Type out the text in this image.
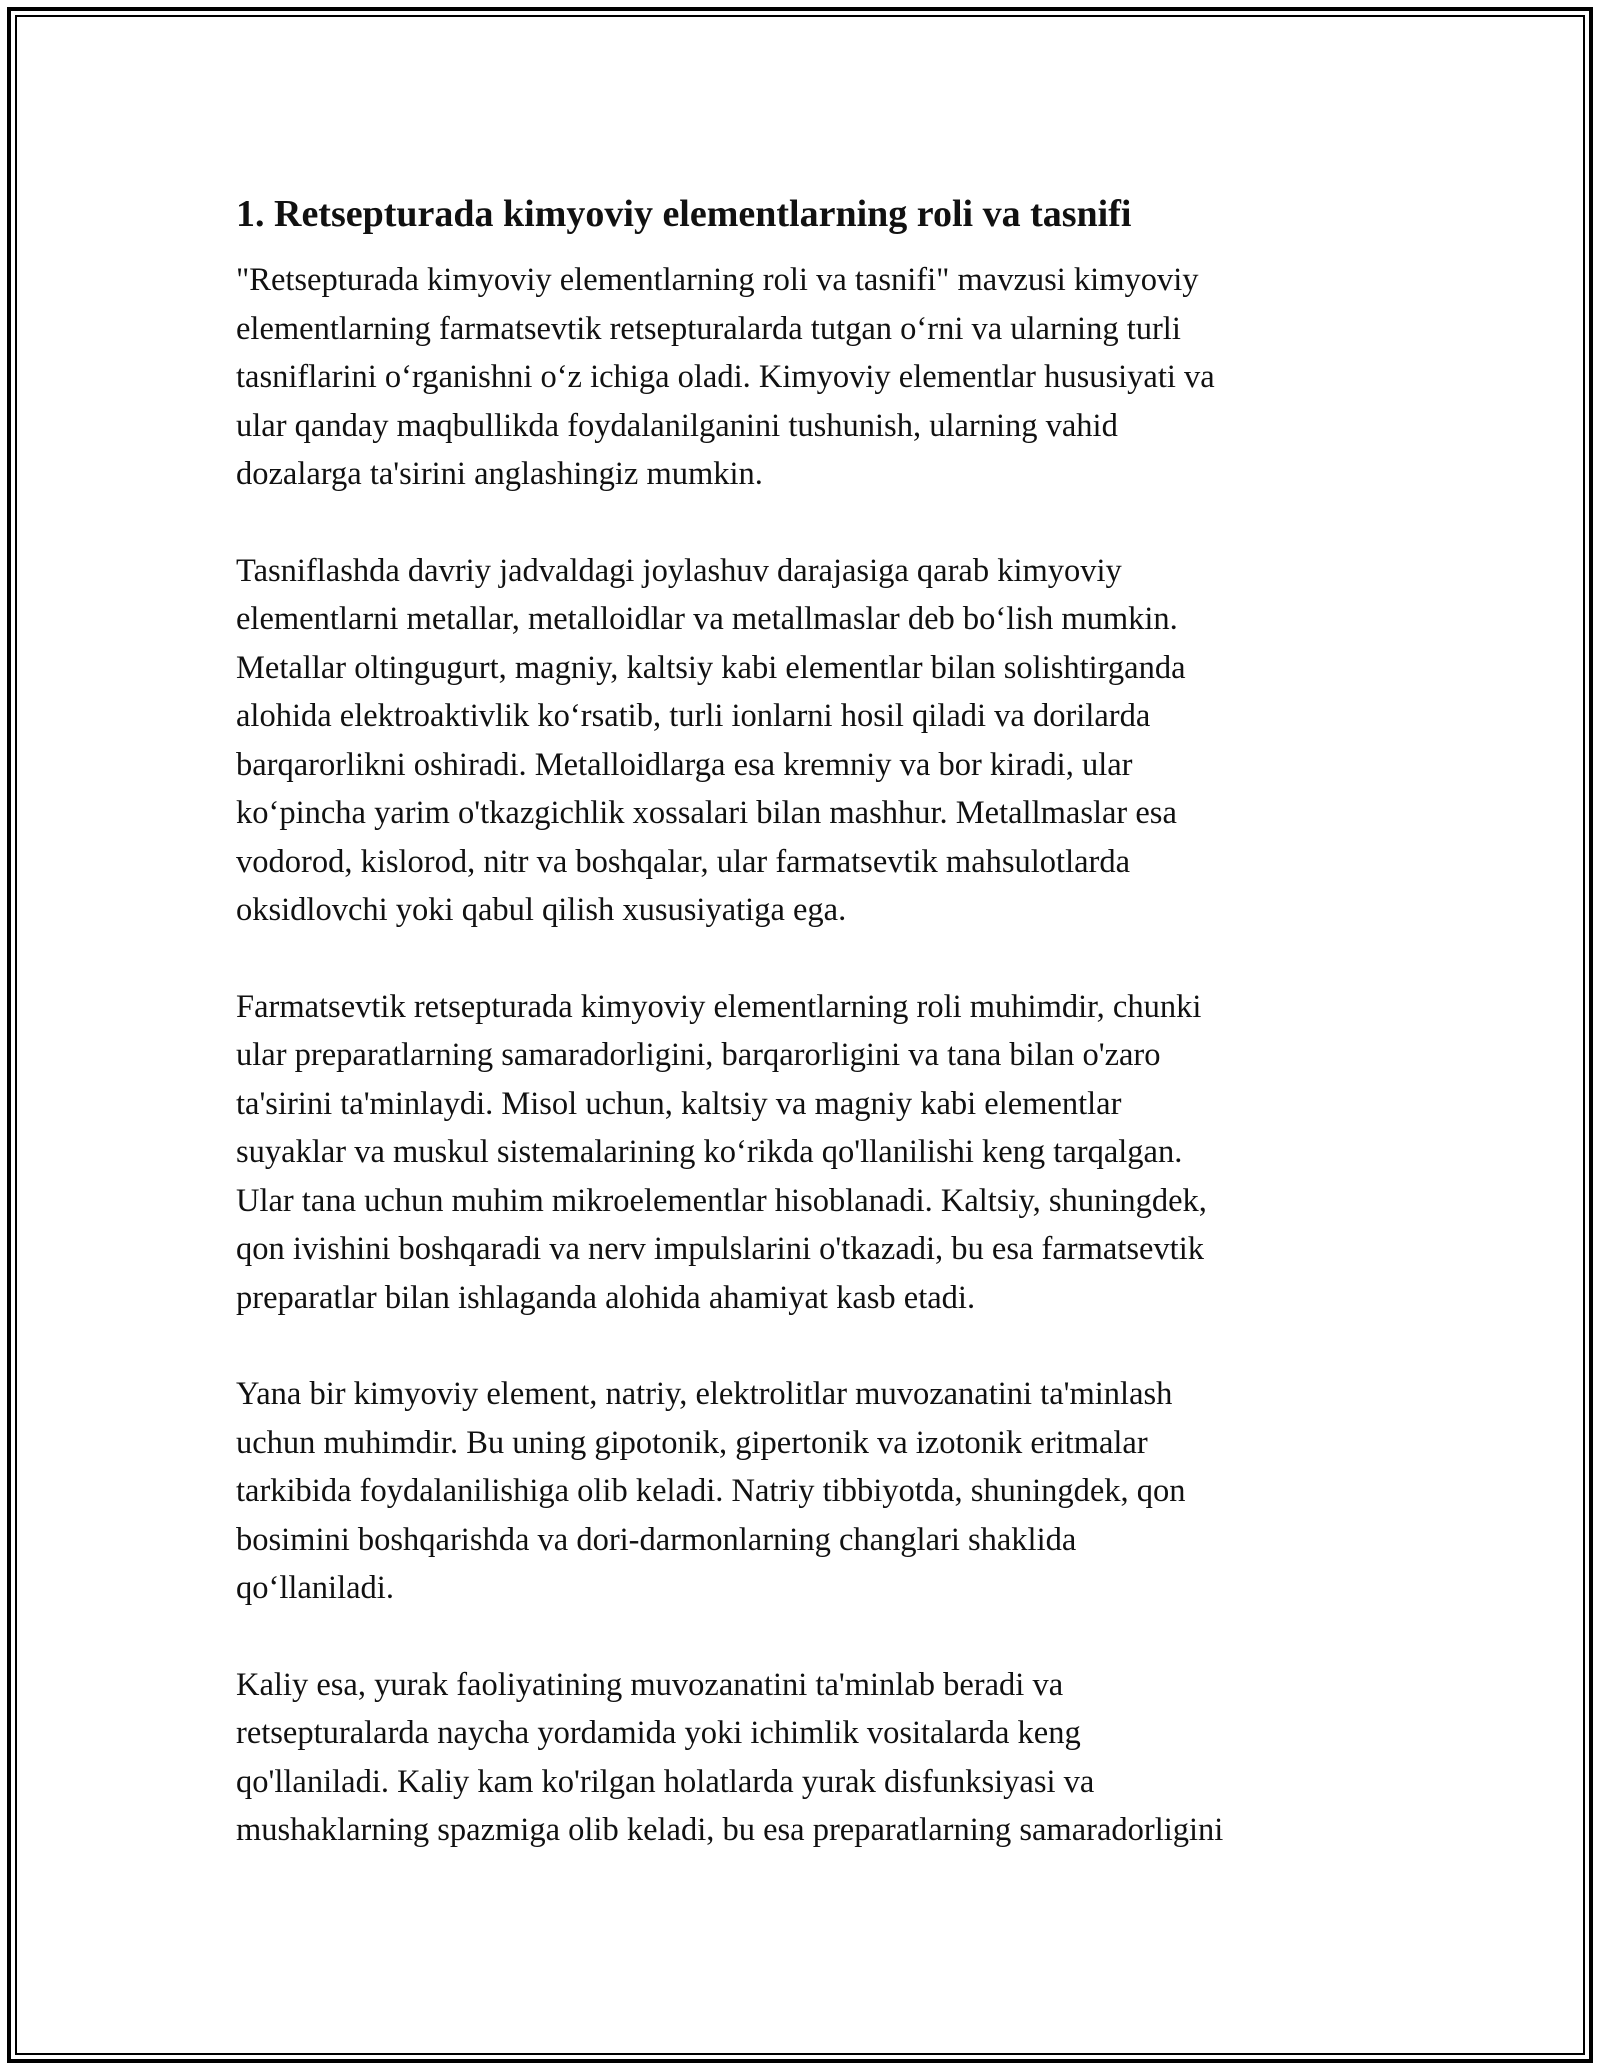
1. Retsepturada kimyoviy elementlarning roli va tasnifi

"Retsepturada kimyoviy elementlarning roli va tasnifi" mavzusi kimyoviy
elementlarning farmatsevtik retsepturalarda tutgan o‘rni va ularning turli
tasniflarini o‘rganishni o‘z ichiga oladi. Kimyoviy elementlar hususiyati va
ular qanday maqbullikda foydalanilganini tushunish, ularning vahid
dozalarga ta'sirini anglashingiz mumkin.

Tasniflashda davriy jadvaldagi joylashuv darajasiga qarab kimyoviy
elementlarni metallar, metalloidlar va metallmaslar deb bo‘lish mumkin.
Metallar oltingugurt, magniy, kaltsiy kabi elementlar bilan solishtirganda
alohida elektroaktivlik ko‘rsatib, turli ionlarni hosil qiladi va dorilarda
barqarorlikni oshiradi. Metalloidlarga esa kremniy va bor kiradi, ular
ko‘pincha yarim o'tkazgichlik xossalari bilan mashhur. Metallmaslar esa
vodorod, kislorod, nitr va boshqalar, ular farmatsevtik mahsulotlarda
oksidlovchi yoki qabul qilish xususiyatiga ega.

Farmatsevtik retsepturada kimyoviy elementlarning roli muhimdir, chunki
ular preparatlarning samaradorligini, barqarorligini va tana bilan o'zaro
ta'sirini ta'minlaydi. Misol uchun, kaltsiy va magniy kabi elementlar
suyaklar va muskul sistemalarining ko‘rikda qo'llanilishi keng tarqalgan.
Ular tana uchun muhim mikroelementlar hisoblanadi. Kaltsiy, shuningdek,
qon ivishini boshqaradi va nerv impulslarini o'tkazadi, bu esa farmatsevtik
preparatlar bilan ishlaganda alohida ahamiyat kasb etadi.

Yana bir kimyoviy element, natriy, elektrolitlar muvozanatini ta'minlash
uchun muhimdir. Bu uning gipotonik, gipertonik va izotonik eritmalar
tarkibida foydalanilishiga olib keladi. Natriy tibbiyotda, shuningdek, qon
bosimini boshqarishda va dori-darmonlarning changlari shaklida
qo‘llaniladi.

Kaliy esa, yurak faoliyatining muvozanatini ta'minlab beradi va
retsepturalarda naycha yordamida yoki ichimlik vositalarda keng
qo'llaniladi. Kaliy kam ko'rilgan holatlarda yurak disfunksiyasi va
mushaklarning spazmiga olib keladi, bu esa preparatlarning samaradorligini
